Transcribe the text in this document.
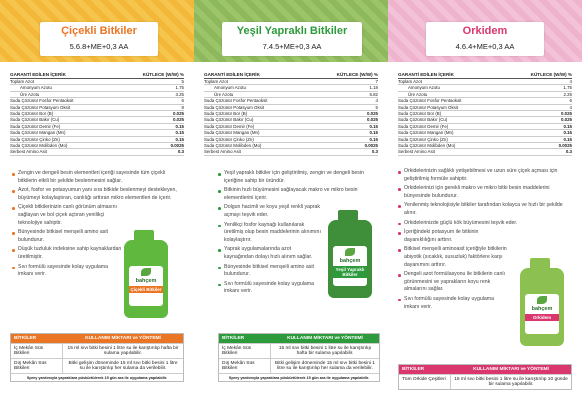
Çiçekli Bitkiler
5.6.8+ME+0,3 AA
GARANTİ EDİLEN İÇERİK	KÜTLECE (W/W) %
Toplam Azot	5
Amonyum Azotu	1.75
Üre Azotu	3.25
Suda Çözünür Fosfor Pentaoksit	6
Suda Çözünür Potasyum Oksit	8
Suda Çözünür Bor (B)	0.025
Suda Çözünür Bakır (Cu)	0.025
Suda Çözünür Demir (Fe)	0.15
Suda Çözünür Mangan (Mn)	0.15
Suda Çözünür Çinko (Zn)	0.15
Suda Çözünür Molibden (Mo)	0.0025
Serbest Amino Asit	0.3
Zengin ve dengeli besin elementleri içeriği sayesinde tüm çiçekli bitkilerin etkili bir şekilde beslenmesini sağlar.
Azot, fosfor ve potasyumun yanı sıra bitkide beslenmeyi destekleyen, büyümeyi kolaylaştıran, canlılığı arttıran mikro elementleri de içerir.
Çiçekli bitkilerinizin canlı görünüm almasını sağlayan ve bol çiçek açtıran yenilikçi teknolojiye sahiptir.
Bünyesinde bitkisel menşeili amino asit bulundurur.
Düşük tuzluluk indeksine sahip kaynaklardan üretilmiştir.
Sıvı formülü sayesinde kolay uygulama imkanı verir.
bahçem
Çiçekli Bitkiler
BİTKİLER	KULLANIM MİKTARI ve YÖNTEMİ
İç Mekân Süs Bitkileri
15 ml sıvı bitki besini 1 litre su ile karıştırılıp hafta bir sulama yapılabilir.
Dış Mekân Süs Bitkileri
Bitki gelişim döneminde 15 ml sıvı bitki besini 1 litre su ile karıştırılıp her sulama da verilebilir.
Sprey yardımıyla yapraklara püskürtülerek 15 gün ara ile uygulama yapılabilir.
Yeşil Yapraklı Bitkiler
7.4.5+ME+0,3 AA
GARANTİ EDİLEN İÇERİK	KÜTLECE (W/W) %
Toplam Azot	7
Amonyum Azotu	1.18
Üre Azotu	5.82
Suda Çözünür Fosfor Pentaoksit	4
Suda Çözünür Potasyum Oksit	5
Suda Çözünür Bor (B)	0.025
Suda Çözünür Bakır (Cu)	0.025
Suda Çözünür Demir (Fe)	0.15
Suda Çözünür Mangan (Mn)	0.15
Suda Çözünür Çinko (Zn)	0.15
Suda Çözünür Molibden (Mo)	0.0025
Serbest Amino Asit	0.3
Yeşil yapraklı bitkiler için geliştirilmiş, zengin ve dengeli besin içeriğine sahip bir üründür.
Bitkinin hızlı büyümesini sağlayacak makro ve mikro besin elementlerini içerir.
Dolgun hacimli ve koyu yeşil renkli yaprak açmayı teşvik eder.
Yenilikçi fosfor kaynağı kullanılarak üretilmiş olup besin maddelerinin alınımını kolaylaştırır.
Yaprak uygulamalarında azot kaynağından dolayı hızlı alınım sağlar.
Bünyesinde bitkisel menşeili amino asit bulundurur.
Sıvı formülü sayesinde kolay uygulama imkanı verir.
bahçem
Yeşil Yapraklı Bitkiler
BİTKİLER	KULLANIM MİKTARI ve YÖNTEMİ
İç Mekân Süs Bitkileri
15 ml sıvı bitki besini 1 litre su ile karıştırılıp hafta bir sulama yapılabilir.
Dış Mekân Süs Bitkileri
Bitki gelişim döneminde 15 ml sıvı bitki besini 1 litre su ile karıştırılıp her sulama da verilebilir.
Sprey yardımıyla yapraklara püskürtülerek 15 gün ara ile uygulama yapılabilir.
Orkidem
4.6.4+ME+0,3 AA
GARANTİ EDİLEN İÇERİK	KÜTLECE (W/W) %
Toplam Azot	4
Amonyum Azotu	1.75
Üre Azotu	2.25
Suda Çözünür Fosfor Pentaoksit	6
Suda Çözünür Potasyum Oksit	4
Suda Çözünür Bor (B)	0.025
Suda Çözünür Bakır (Cu)	0.025
Suda Çözünür Demir (Fe)	0.15
Suda Çözünür Mangan (Mn)	0.15
Suda Çözünür Çinko (Zn)	0.15
Suda Çözünür Molibden (Mo)	0.0025
Serbest Amino Asit	0.3
Orkidelerinizin sağlıklı yetişebilmesi ve uzun süre çiçek açması için geliştirilmiş formüle sahiptir.
Orkidelerinizi için gerekli makro ve mikro bitki besin maddelerini bünyesinde bulundurur.
Yenilenmiş teknolojisiyle bitkiler tarafından kolayca ve hızlı bir şekilde alınır.
Orkidelerinizde güçlü kök büyümesini teşvik eder.
İçeriğindeki potasyum ile bitkinin dayanıklılığını arttırır.
Bitkisel menşeili aminoasit içeriğiyle bitkilerin abiyotik (sıcaklık, susuzluk) faktörlere karşı dayanımını arttırır.
Dengeli azot formülasyonu ile bitkilerin canlı görünmesini ve yaprakların koyu renk almalarını sağlar.
Sıvı formülü sayesinde kolay uygulama imkanı verir.	bahçem
Orkidem
BİTKİLER	KULLANIM MİKTARI ve YÖNTEMİ
Tüm Orkide Çeşitleri	15 ml sıvı bitki besini 1 litre su ile karıştırılıp 10 günde bir sulama yapılabilir.
